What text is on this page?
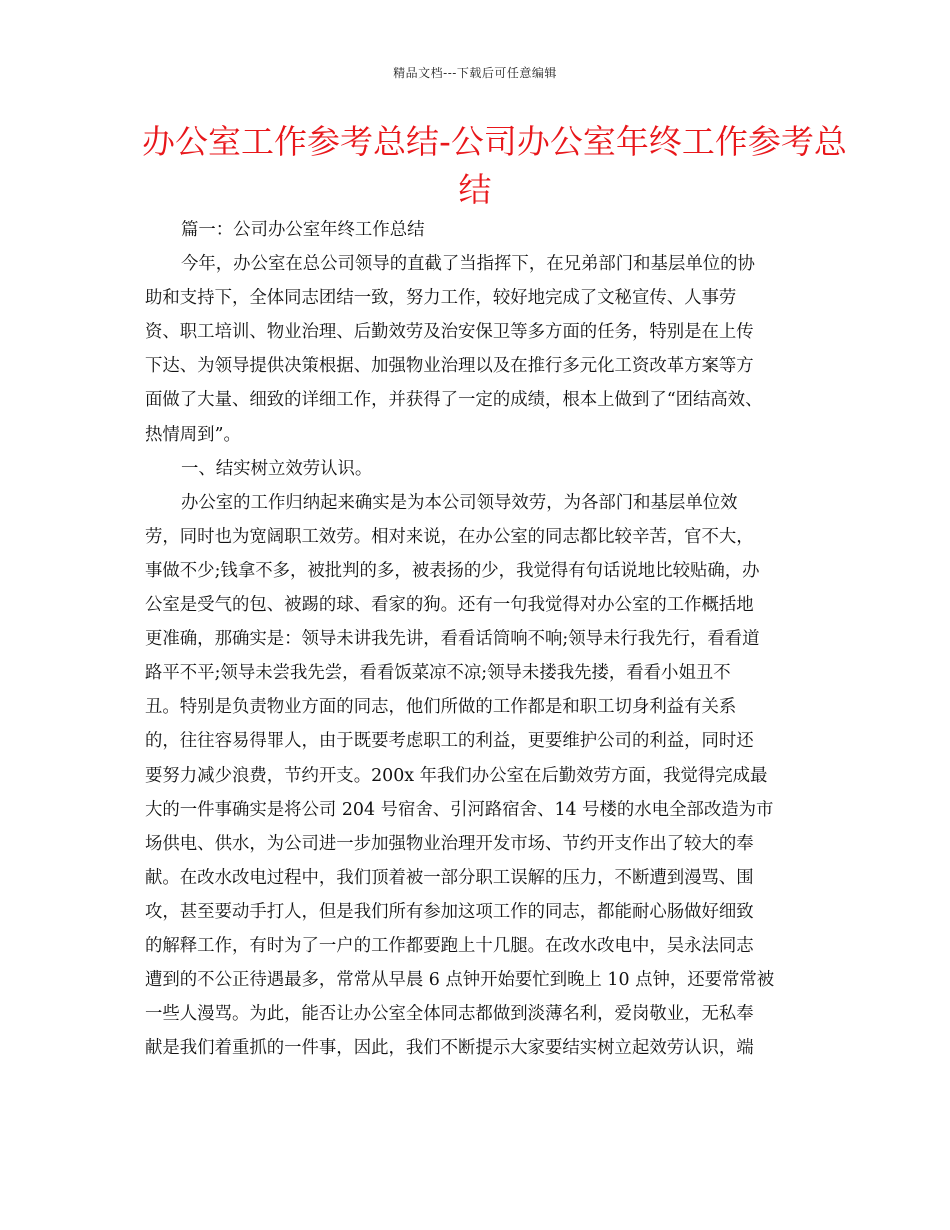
精品文档---下载后可任意编辑
办公室工作参考总结-公司办公室年终工作参考总
结
篇一：公司办公室年终工作总结
今年，办公室在总公司领导的直截了当指挥下，在兄弟部门和基层单位的协
助和支持下，全体同志团结一致，努力工作，较好地完成了文秘宣传、人事劳
资、职工培训、物业治理、后勤效劳及治安保卫等多方面的任务，特别是在上传
下达、为领导提供决策根据、加强物业治理以及在推行多元化工资改革方案等方
面做了大量、细致的详细工作，并获得了一定的成绩，根本上做到了“团结高效、
热情周到”。
一、结实树立效劳认识。
办公室的工作归纳起来确实是为本公司领导效劳，为各部门和基层单位效
劳，同时也为宽阔职工效劳。相对来说，在办公室的同志都比较辛苦，官不大，
事做不少;钱拿不多，被批判的多，被表扬的少，我觉得有句话说地比较贴确，办
公室是受气的包、被踢的球、看家的狗。还有一句我觉得对办公室的工作概括地
更准确，那确实是：领导未讲我先讲，看看话筒响不响;领导未行我先行，看看道
路平不平;领导未尝我先尝，看看饭菜凉不凉;领导未搂我先搂，看看小姐丑不
丑。特别是负责物业方面的同志，他们所做的工作都是和职工切身利益有关系
的，往往容易得罪人，由于既要考虑职工的利益，更要维护公司的利益，同时还
要努力减少浪费，节约开支。200x 年我们办公室在后勤效劳方面，我觉得完成最
大的一件事确实是将公司 204 号宿舍、引河路宿舍、14 号楼的水电全部改造为市
场供电、供水，为公司进一步加强物业治理开发市场、节约开支作出了较大的奉
献。在改水改电过程中，我们顶着被一部分职工误解的压力，不断遭到漫骂、围
攻，甚至要动手打人，但是我们所有参加这项工作的同志，都能耐心肠做好细致
的解释工作，有时为了一户的工作都要跑上十几腿。在改水改电中，吴永法同志
遭到的不公正待遇最多，常常从早晨 6 点钟开始要忙到晚上 10 点钟，还要常常被
一些人漫骂。为此，能否让办公室全体同志都做到淡薄名利，爱岗敬业，无私奉
献是我们着重抓的一件事，因此，我们不断提示大家要结实树立起效劳认识，端
